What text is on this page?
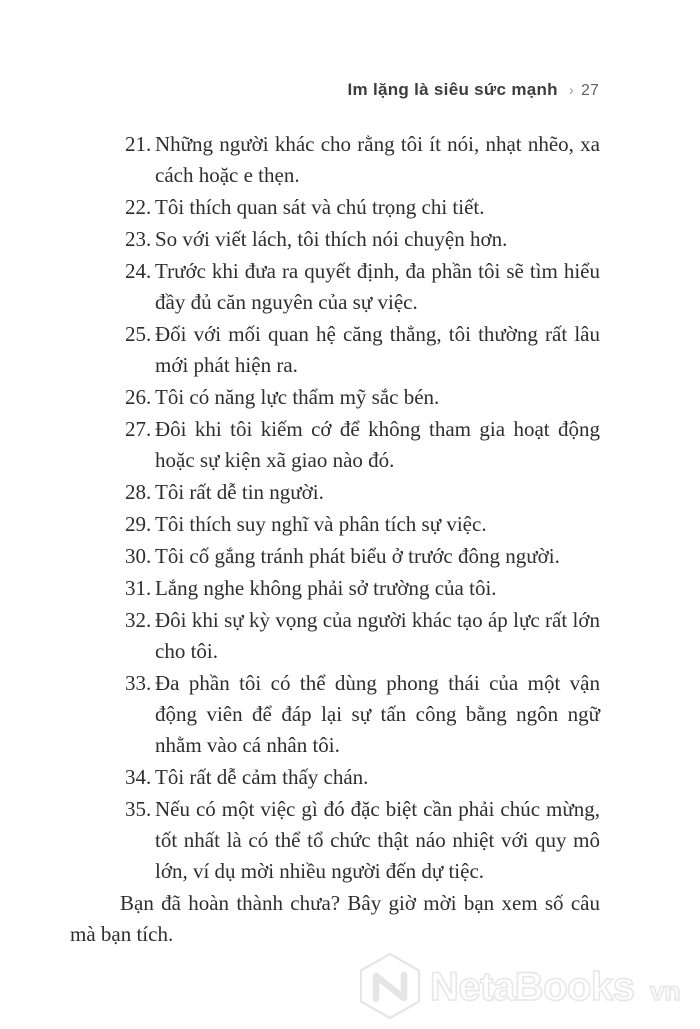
Im lặng là siêu sức mạnh › 27
21. Những người khác cho rằng tôi ít nói, nhạt nhẽo, xa cách hoặc e thẹn.
22. Tôi thích quan sát và chú trọng chi tiết.
23. So với viết lách, tôi thích nói chuyện hơn.
24. Trước khi đưa ra quyết định, đa phần tôi sẽ tìm hiểu đầy đủ căn nguyên của sự việc.
25. Đối với mối quan hệ căng thẳng, tôi thường rất lâu mới phát hiện ra.
26. Tôi có năng lực thẩm mỹ sắc bén.
27. Đôi khi tôi kiếm cớ để không tham gia hoạt động hoặc sự kiện xã giao nào đó.
28. Tôi rất dễ tin người.
29. Tôi thích suy nghĩ và phân tích sự việc.
30. Tôi cố gắng tránh phát biểu ở trước đông người.
31. Lắng nghe không phải sở trường của tôi.
32. Đôi khi sự kỳ vọng của người khác tạo áp lực rất lớn cho tôi.
33. Đa phần tôi có thể dùng phong thái của một vận động viên để đáp lại sự tấn công bằng ngôn ngữ nhằm vào cá nhân tôi.
34. Tôi rất dễ cảm thấy chán.
35. Nếu có một việc gì đó đặc biệt cần phải chúc mừng, tốt nhất là có thể tổ chức thật náo nhiệt với quy mô lớn, ví dụ mời nhiều người đến dự tiệc.

Bạn đã hoàn thành chưa? Bây giờ mời bạn xem số câu mà bạn tích.

NetaBooks vn
